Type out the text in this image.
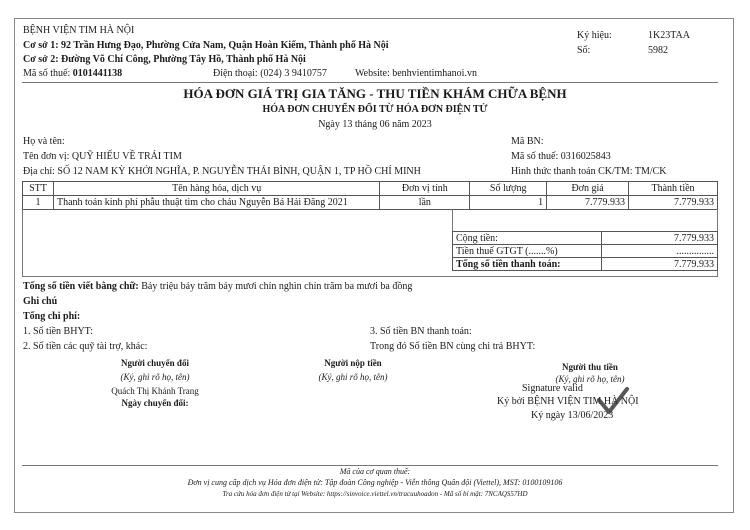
BỆNH VIỆN TIM HÀ NỘI
Cơ sở 1: 92 Trần Hưng Đạo, Phường Cửa Nam, Quận Hoàn Kiếm, Thành phố Hà Nội
Cơ sở 2: Đường Võ Chí Công, Phường Tây Hồ, Thành phố Hà Nội
Mã số thuế: 0101441138	Điện thoại: (024) 3 9410757	Website: benhvientimhanoi.vn
Ký hiệu:	1K23TAA
Số:	5982
HÓA ĐƠN GIÁ TRỊ GIA TĂNG - THU TIỀN KHÁM CHỮA BỆNH
HÓA ĐƠN CHUYỂN ĐỔI TỪ HÓA ĐƠN ĐIỆN TỬ
Ngày 13 tháng 06 năm 2023
Họ và tên:
Tên đơn vị: QUỸ HIẾU VỀ TRÁI TIM
Địa chỉ: SỐ 12 NAM KỲ KHỞI NGHĨA, P. NGUYỄN THÁI BÌNH, QUẬN 1, TP HỒ CHÍ MINH
Mã BN:
Mã số thuế: 0316025843
Hình thức thanh toán CK/TM: TM/CK
STT	Tên hàng hóa, dịch vụ	Đơn vị tính	Số lượng	Đơn giá	Thành tiền
1	Thanh toán kinh phí phẫu thuật tim cho cháu Nguyễn Bá Hải Đăng 2021	lần	1	7.779.933	7.779.933
Cộng tiền:	7.779.933
Tiền thuế GTGT (.......%)	...............
Tổng số tiền thanh toán:	7.779.933
Tổng số tiền viết bằng chữ: Bảy triệu bảy trăm bảy mươi chín nghìn chín trăm ba mươi ba đồng
Ghi chú
Tổng chi phí:
1. Số tiền BHYT:
2. Số tiền các quỹ tài trợ, khác:
3. Số tiền BN thanh toán:
Trong đó Số tiền BN cùng chi trả BHYT:
Người chuyển đổi
(Ký, ghi rõ họ, tên)
Quách Thị Khánh Trang
Ngày chuyển đổi:
Người nộp tiền
(Ký, ghi rõ họ, tên)
Người thu tiền
(Ký, ghi rõ họ, tên)
Signature valid
Ký bởi BỆNH VIỆN TIM HÀ NỘI
Ký ngày 13/06/2023
Mã của cơ quan thuế:
Đơn vị cung cấp dịch vụ Hóa đơn điện tử: Tập đoàn Công nghiệp - Viễn thông Quân đội (Viettel), MST: 0100109106
Tra cứu hóa đơn điện tử tại Website: https://sinvoice.viettel.vn/tracuuhoadon - Mã số bí mật: 7NCAQS57HD
